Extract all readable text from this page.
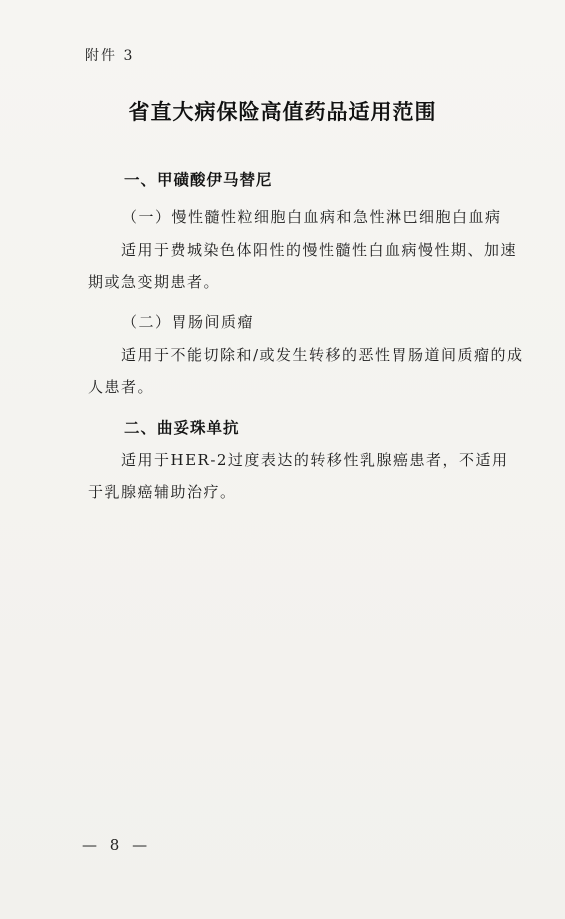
附件 3
省直大病保险高值药品适用范围
一、甲磺酸伊马替尼
（一）慢性髓性粒细胞白血病和急性淋巴细胞白血病
适用于费城染色体阳性的慢性髓性白血病慢性期、加速期或急变期患者。
（二）胃肠间质瘤
适用于不能切除和/或发生转移的恶性胃肠道间质瘤的成人患者。
二、曲妥珠单抗
适用于HER-2过度表达的转移性乳腺癌患者，不适用于乳腺癌辅助治疗。
— 8 —
